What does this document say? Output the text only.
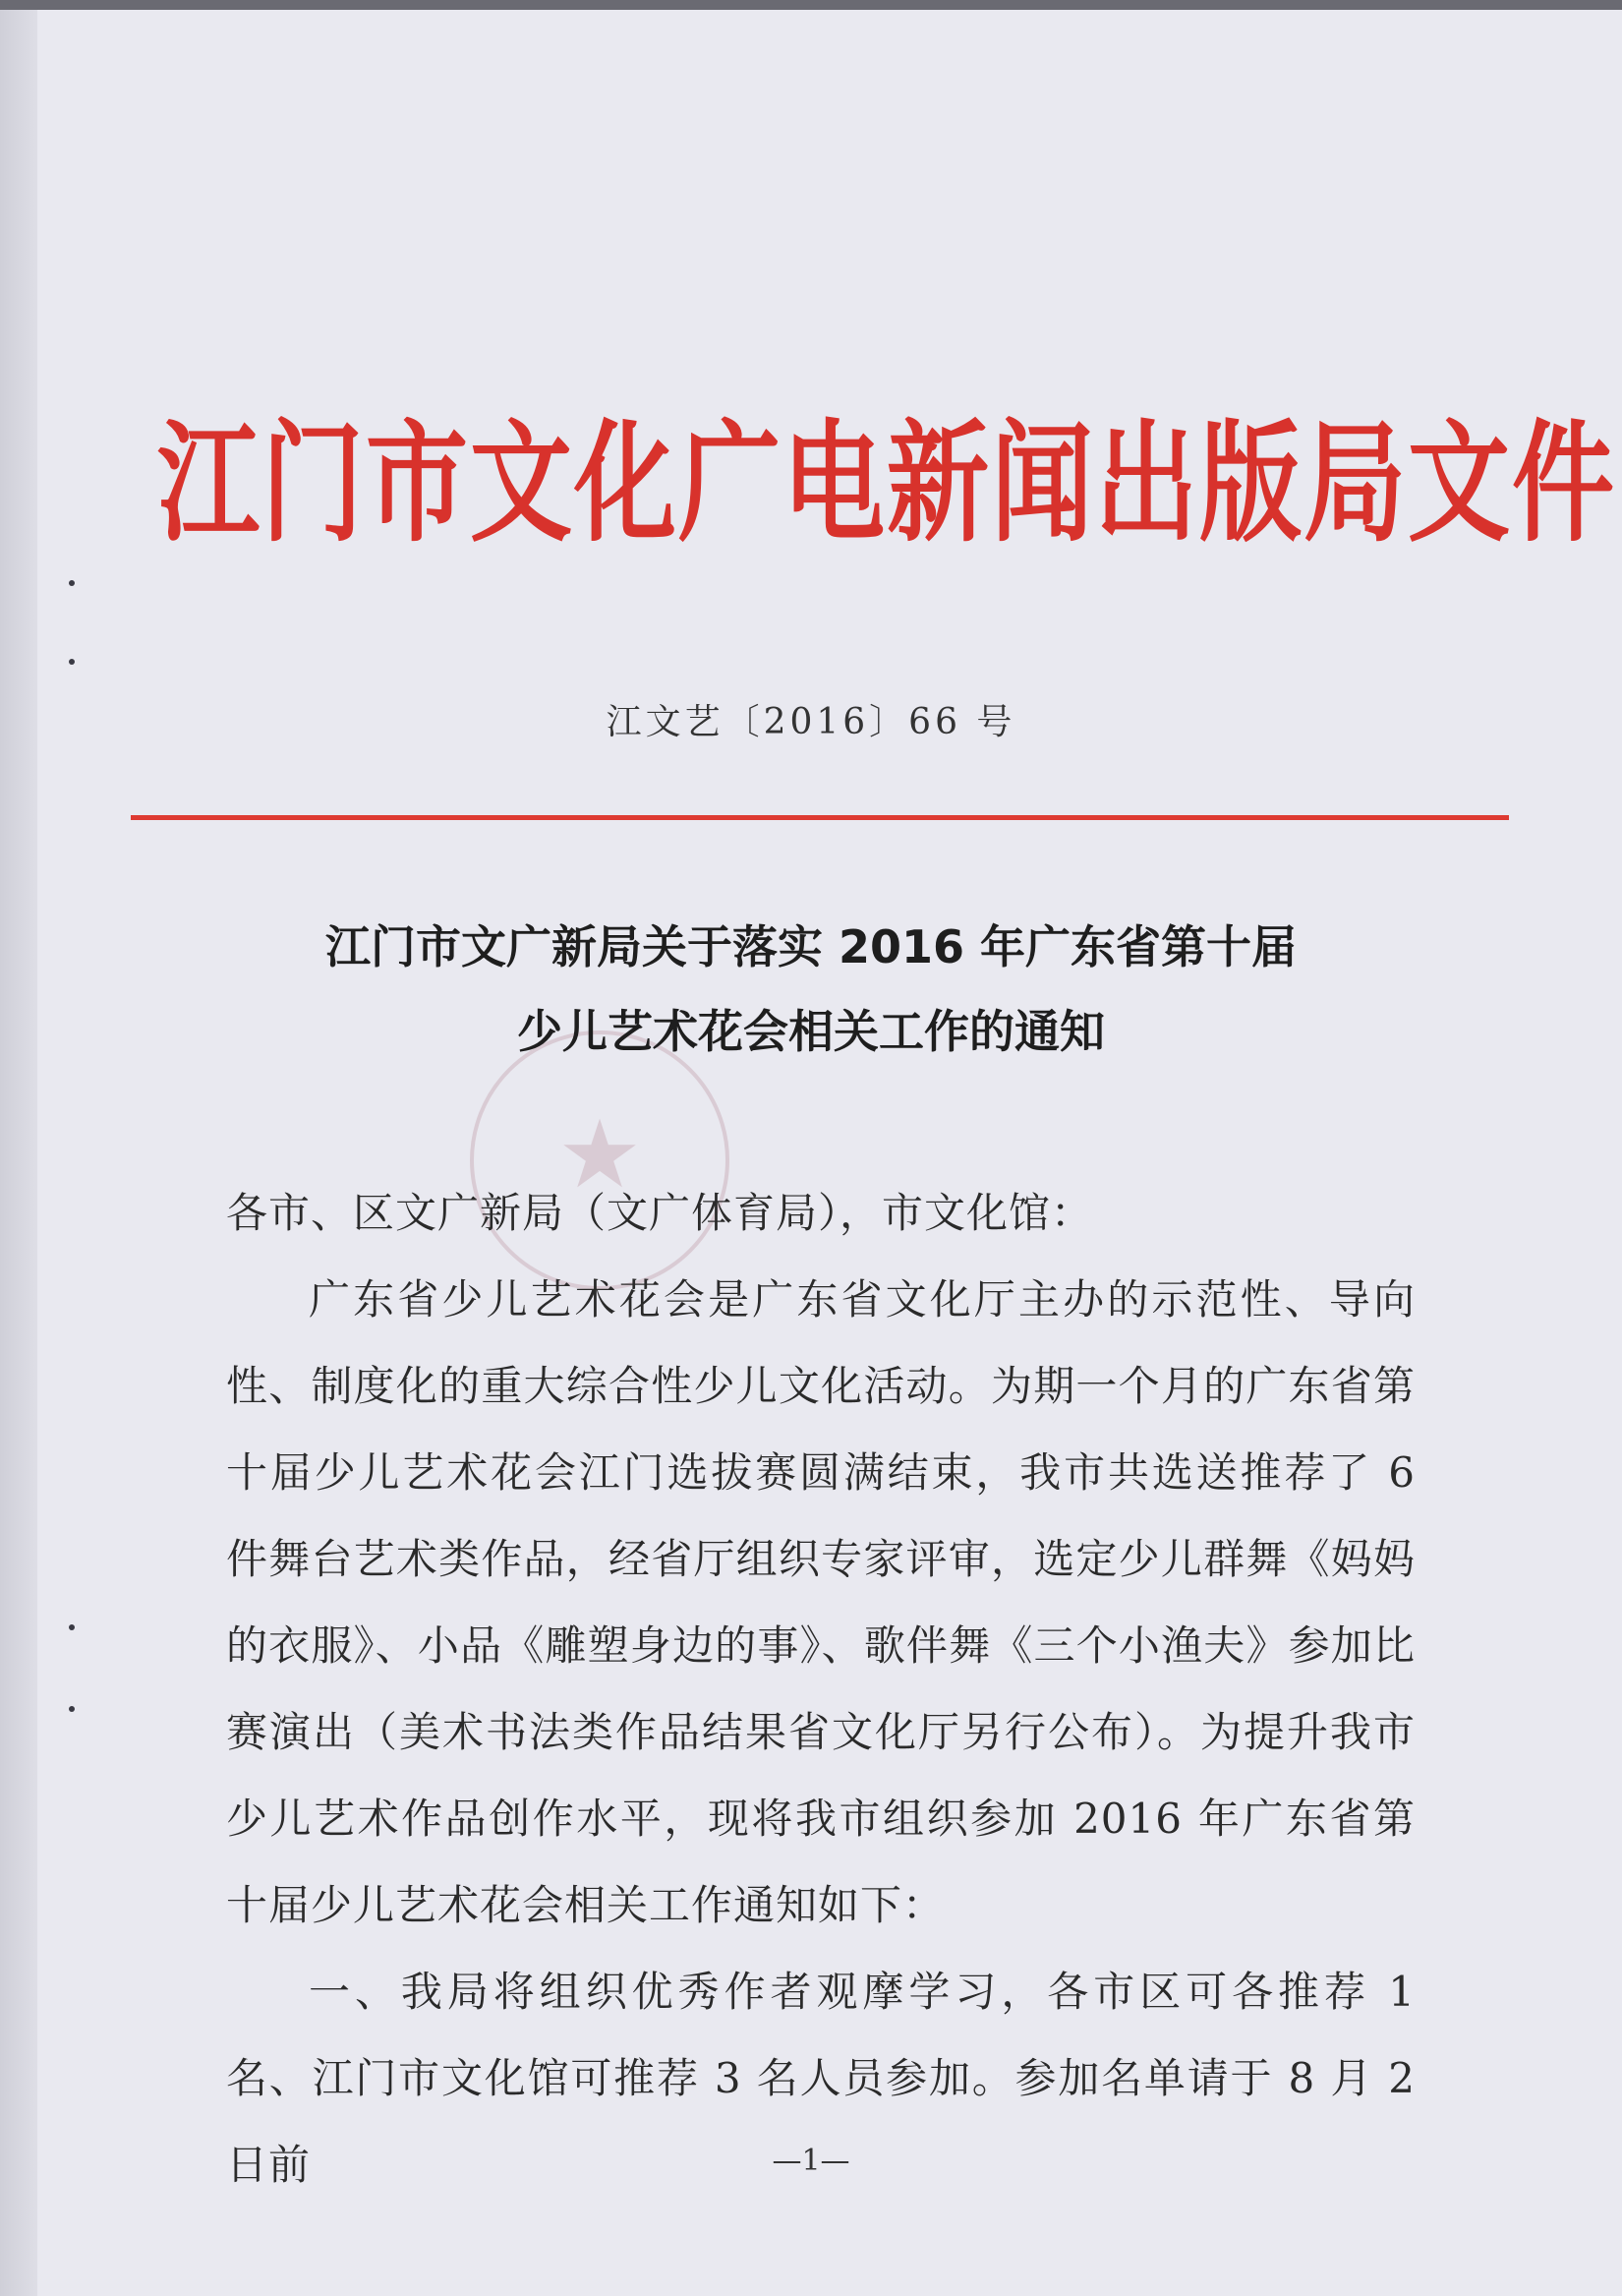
江门市文化广电新闻出版局文件
江文艺〔2016〕66 号
★
江门市文广新局关于落实 2016 年广东省第十届
少儿艺术花会相关工作的通知
各市、区文广新局（文广体育局），市文化馆：
广东省少儿艺术花会是广东省文化厅主办的示范性、导向性、制度化的重大综合性少儿文化活动。为期一个月的广东省第十届少儿艺术花会江门选拔赛圆满结束，我市共选送推荐了 6 件舞台艺术类作品，经省厅组织专家评审，选定少儿群舞《妈妈的衣服》、小品《雕塑身边的事》、歌伴舞《三个小渔夫》参加比赛演出（美术书法类作品结果省文化厅另行公布）。为提升我市少儿艺术作品创作水平，现将我市组织参加 2016 年广东省第十届少儿艺术花会相关工作通知如下：
一、我局将组织优秀作者观摩学习，各市区可各推荐 1 名、江门市文化馆可推荐 3 名人员参加。参加名单请于 8 月 2 日前	—1—
